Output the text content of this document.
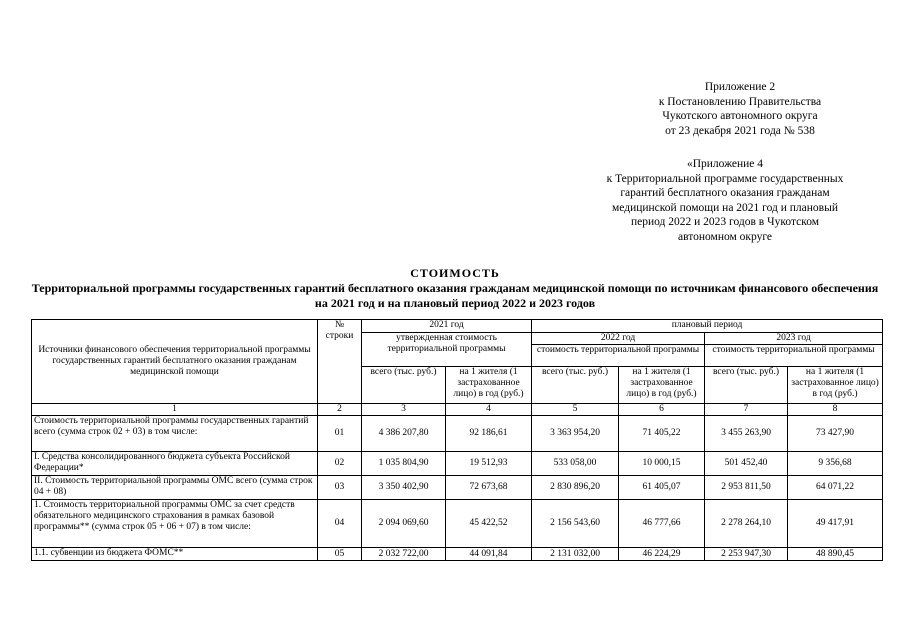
Приложение 2
к Постановлению Правительства
Чукотского автономного округа
от 23 декабря 2021 года № 538
«Приложение 4
к Территориальной программе государственных
гарантий бесплатного оказания гражданам
медицинской помощи на 2021 год и плановый
период 2022 и 2023 годов в Чукотском
автономном округе
СТОИМОСТЬ
Территориальной программы государственных гарантий бесплатного оказания гражданам медицинской помощи по источникам финансового обеспечения на 2021 год и на плановый период 2022 и 2023 годов
Источники финансового обеспечения территориальной программы государственных гарантий бесплатного оказания гражданам медицинской помощи	№ строки	2021 год		плановый период			
		утвержденная стоимость территориальной программы		2022 год		2023 год	
				стоимость территориальной программы		стоимость территориальной программы	
		всего (тыс. руб.)	на 1 жителя (1 застрахованное лицо) в год (руб.)	всего (тыс. руб.)	на 1 жителя (1 застрахованное лицо) в год (руб.)	всего (тыс. руб.)	на 1 жителя (1 застрахованное лицо) в год (руб.)
1	2	3	4	5	6	7	8
Стоимость территориальной программы государственных гарантий всего (сумма строк 02 + 03) в том числе:	01	4 386 207,80	92 186,61	3 363 954,20	71 405,22	3 455 263,90	73 427,90
I. Средства консолидированного бюджета субъекта Российской Федерации*	02	1 035 804,90	19 512,93	533 058,00	10 000,15	501 452,40	9 356,68
II. Стоимость территориальной программы ОМС всего (сумма строк 04 + 08)	03	3 350 402,90	72 673,68	2 830 896,20	61 405,07	2 953 811,50	64 071,22
1. Стоимость территориальной программы ОМС за счет средств обязательного медицинского страхования в рамках базовой программы** (сумма строк 05 + 06 + 07) в том числе:	04	2 094 069,60	45 422,52	2 156 543,60	46 777,66	2 278 264,10	49 417,91
1.1. субвенции из бюджета ФОМС**	05	2 032 722,00	44 091,84	2 131 032,00	46 224,29	2 253 947,30	48 890,45
